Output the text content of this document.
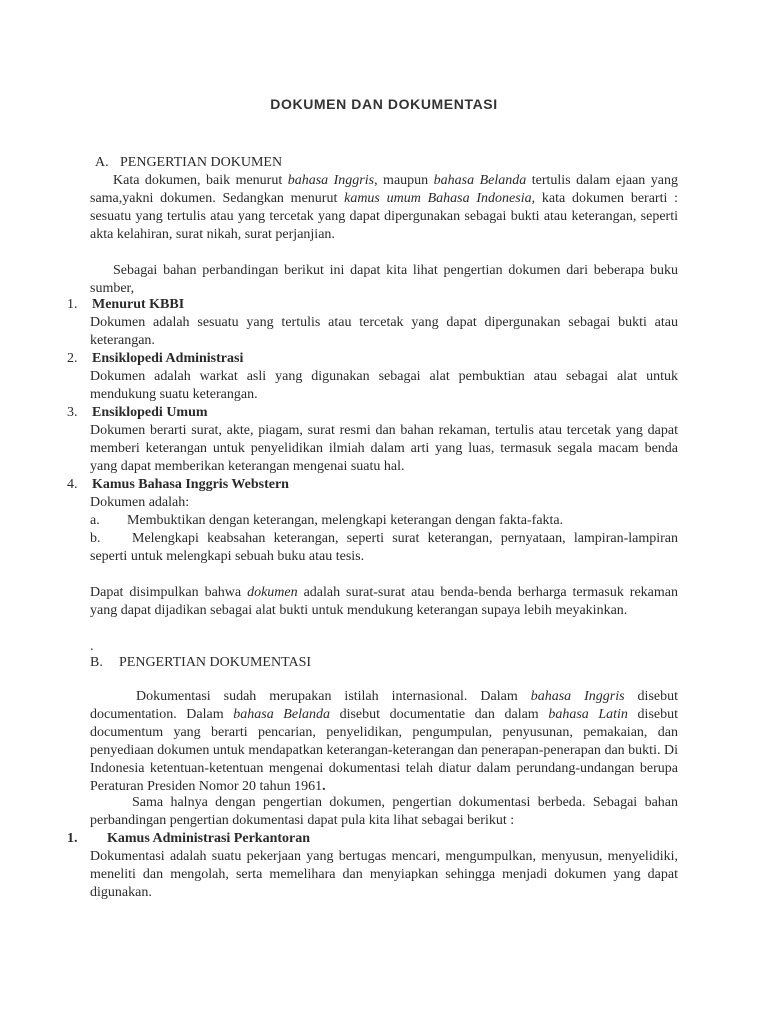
DOKUMEN DAN DOKUMENTASI
A. PENGERTIAN DOKUMEN

Kata dokumen, baik menurut bahasa Inggris, maupun bahasa Belanda tertulis dalam ejaan yang sama,yakni dokumen. Sedangkan menurut kamus umum Bahasa Indonesia, kata dokumen berarti : sesuatu yang tertulis atau yang tercetak yang dapat dipergunakan sebagai bukti atau keterangan, seperti akta kelahiran, surat nikah, surat perjanjian.

Sebagai bahan perbandingan berikut ini dapat kita lihat pengertian dokumen dari beberapa buku sumber,

1. Menurut KBBI

Dokumen adalah sesuatu yang tertulis atau tercetak yang dapat dipergunakan sebagai bukti atau keterangan.

2. Ensiklopedi Administrasi

Dokumen adalah warkat asli yang digunakan sebagai alat pembuktian atau sebagai alat untuk mendukung suatu keterangan.

3. Ensiklopedi Umum

Dokumen berarti surat, akte, piagam, surat resmi dan bahan rekaman, tertulis atau tercetak yang dapat memberi keterangan untuk penyelidikan ilmiah dalam arti yang luas, termasuk segala macam benda yang dapat memberikan keterangan mengenai suatu hal.

4. Kamus Bahasa Inggris Webstern

Dokumen adalah:

a. Membuktikan dengan keterangan, melengkapi keterangan dengan fakta-fakta.

b.	Melengkapi keabsahan keterangan, seperti surat keterangan, pernyataan, lampiran-lampiran seperti untuk melengkapi sebuah buku atau tesis.

Dapat disimpulkan bahwa dokumen adalah surat-surat atau benda-benda berharga termasuk rekaman yang dapat dijadikan sebagai alat bukti untuk mendukung keterangan supaya lebih meyakinkan.

.
B. PENGERTIAN DOKUMENTASI

Dokumentasi sudah merupakan istilah internasional. Dalam bahasa Inggris disebut documentation. Dalam bahasa Belanda disebut documentatie dan dalam bahasa Latin disebut documentum yang berarti pencarian, penyelidikan, pengumpulan, penyusunan, pemakaian, dan penyediaan dokumen untuk mendapatkan keterangan-keterangan dan penerapan-penerapan dan bukti. Di Indonesia ketentuan-ketentuan mengenai dokumentasi telah diatur dalam perundang-undangan berupa Peraturan Presiden Nomor 20 tahun 1961.

Sama halnya dengan pengertian dokumen, pengertian dokumentasi berbeda. Sebagai bahan perbandingan pengertian dokumentasi dapat pula kita lihat sebagai berikut :

1. Kamus Administrasi Perkantoran

Dokumentasi adalah suatu pekerjaan yang bertugas mencari, mengumpulkan, menyusun, menyelidiki, meneliti dan mengolah, serta memelihara dan menyiapkan sehingga menjadi dokumen yang dapat digunakan.
